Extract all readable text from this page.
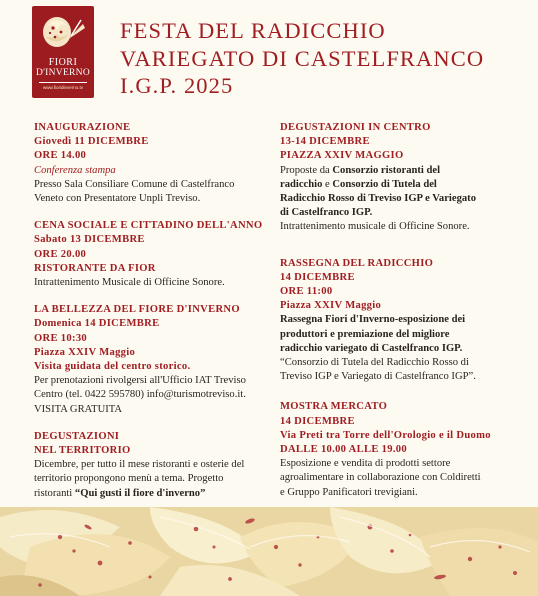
FIORI
D'INVERNO
www.fioridinverno.tv
FESTA DEL RADICCHIO
VARIEGATO DI CASTELFRANCO
I.G.P. 2025

INAUGURAZIONE

Giovedì 11 DICEMBRE

ORE 14.00

Conferenza stampa

Presso Sala Consiliare Comune di Castelfranco

Veneto con Presentatore Unpli Treviso.

CENA SOCIALE E CITTADINO DELL'ANNO

Sabato 13 DICEMBRE

ORE 20.00

RISTORANTE DA FIOR

Intrattenimento Musicale di Officine Sonore.

LA BELLEZZA DEL FIORE D'INVERNO

Domenica 14 DICEMBRE

ORE 10:30

Piazza XXIV Maggio

Visita guidata del centro storico.

Per prenotazioni rivolgersi all'Ufficio IAT Treviso

Centro (tel. 0422 595780) info@turismotreviso.it.

VISITA GRATUITA

DEGUSTAZIONI

NEL TERRITORIO

Dicembre, per tutto il mese ristoranti e osterie del

territorio propongono menù a tema. Progetto

ristoranti “Qui gusti il fiore d'inverno”

DEGUSTAZIONI IN CENTRO

13-14 DICEMBRE

PIAZZA XXIV MAGGIO

Proposte da Consorzio ristoranti del

radicchio e Consorzio di Tutela del

Radicchio Rosso di Treviso IGP e Variegato

di Castelfranco IGP.

Intrattenimento musicale di Officine Sonore.

RASSEGNA DEL RADICCHIO

14 DICEMBRE

ORE 11:00

Piazza XXIV Maggio

Rassegna Fiori d'Inverno-esposizione dei

produttori e premiazione del migliore

radicchio variegato di Castelfranco IGP.

“Consorzio di Tutela del Radicchio Rosso di

Treviso IGP e Variegato di Castelfranco IGP”.

MOSTRA MERCATO

14 DICEMBRE

Via Preti tra Torre dell'Orologio e il Duomo

DALLE 10.00 ALLE 19.00

Esposizione e vendita di prodotti settore

agroalimentare in collaborazione con Coldiretti

e Gruppo Panificatori trevigiani.
